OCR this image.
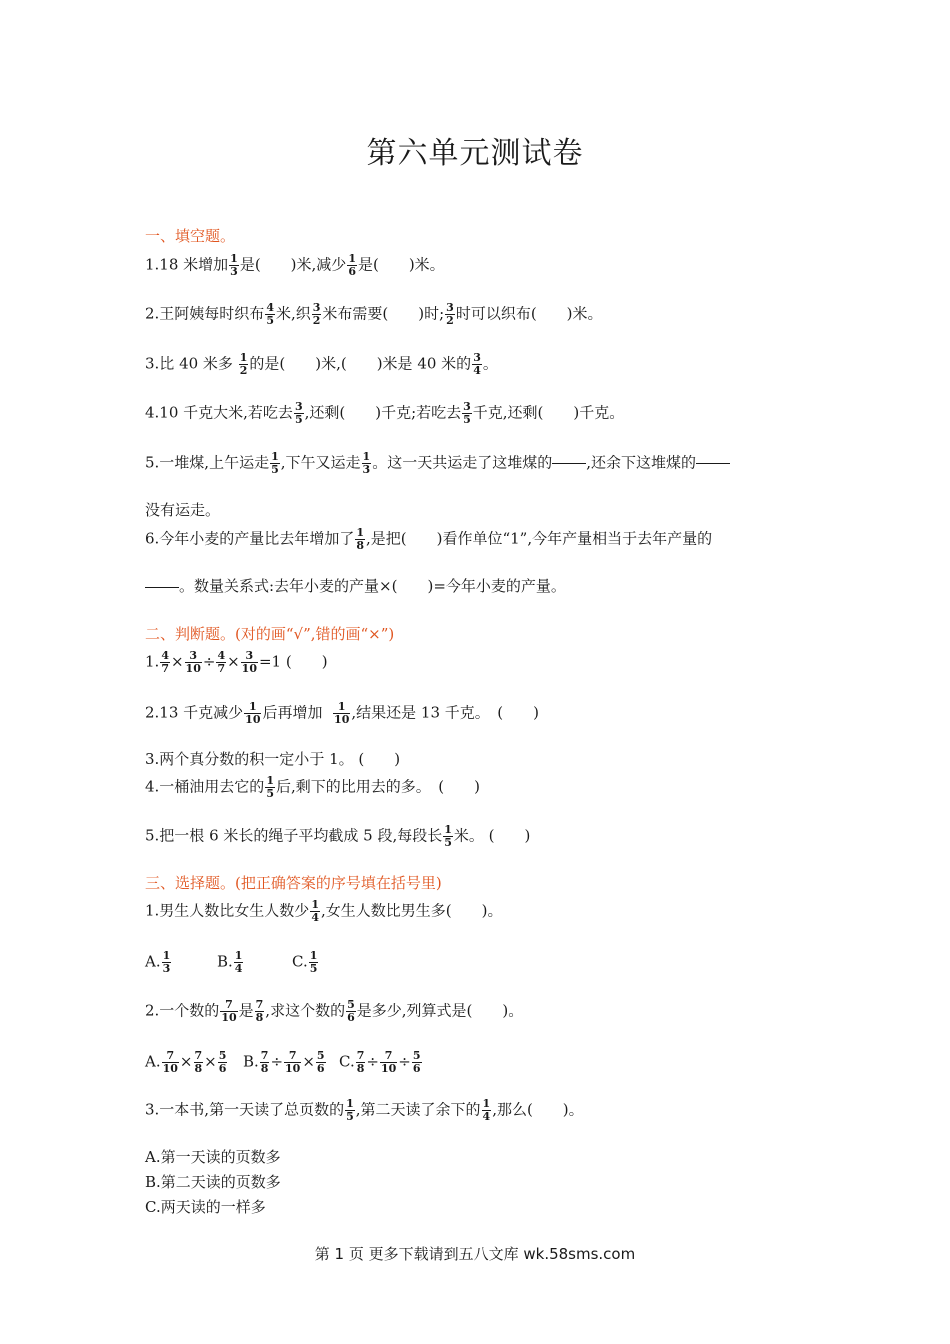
第六单元测试卷
一、填空题。
1.18 米增加 $\frac{1}{3}$ 是(　　)米,减少 $\frac{1}{6}$ 是(　　)米。
2.王阿姨每时织布 $\frac{4}{5}$ 米,织 $\frac{3}{2}$ 米布需要(　　)时; $\frac{3}{2}$ 时可以织布(　　)米。
3.比 40 米多 $\frac{1}{2}$ 的是(　　)米,(　　)米是 40 米的 $\frac{3}{4}$ 。
4.10 千克大米,若吃去 $\frac{3}{5}$ ,还剩(　　)千克;若吃去 $\frac{3}{5}$ 千克,还剩(　　)千克。
5.一堆煤,上午运走 $\frac{1}{5}$ ,下午又运走 $\frac{1}{3}$ 。这一天共运走了这堆煤的 ,还余下这堆煤的
没有运走。
6.今年小麦的产量比去年增加了 $\frac{1}{8}$ ,是把(　　)看作单位“1”,今年产量相当于去年产量的
。数量关系式:去年小麦的产量×(　　)=今年小麦的产量。
二、判断题。(对的画“√”,错的画“×”)
1. $\frac{4}{7} \times \frac{3}{10} \div \frac{4}{7} \times \frac{3}{10} =1$ (　　)
2.13 千克减少 $\frac{1}{10}$ 后再增加 $\frac{1}{10}$ ,结果还是 13 千克。　(　　)
3.两个真分数的积一定小于 1。 (　　)
4.一桶油用去它的 $\frac{1}{5}$ 后,剩下的比用去的多。　(　　)
5.把一根 6 米长的绳子平均截成 5 段,每段长 $\frac{1}{5}$ 米。 (　　)
三、选择题。(把正确答案的序号填在括号里)
1.男生人数比女生人数少 $\frac{1}{4}$ ,女生人数比男生多(　　)。
A. $\frac{1}{3}$	B. $\frac{1}{4}$	C. $\frac{1}{5}$
2.一个数的 $\frac{7}{10}$ 是 $\frac{7}{8}$ ,求这个数的 $\frac{5}{6}$ 是多少,列算式是(　　)。
A. $\frac{7}{10} \times \frac{7}{8} \times \frac{5}{6} B$. $\frac{7}{8} \div \frac{7}{10} \times \frac{5}{6} C$. $\frac{7}{8} \div \frac{7}{10} \div \frac{5}{6}$
3.一本书,第一天读了总页数的 $\frac{1}{5}$ ,第二天读了余下的 $\frac{1}{4}$ ,那么(　　)。
A.第一天读的页数多
B.第二天读的页数多
C.两天读的一样多
第 1 页 更多下载请到五八文库 wk.58sms.com
